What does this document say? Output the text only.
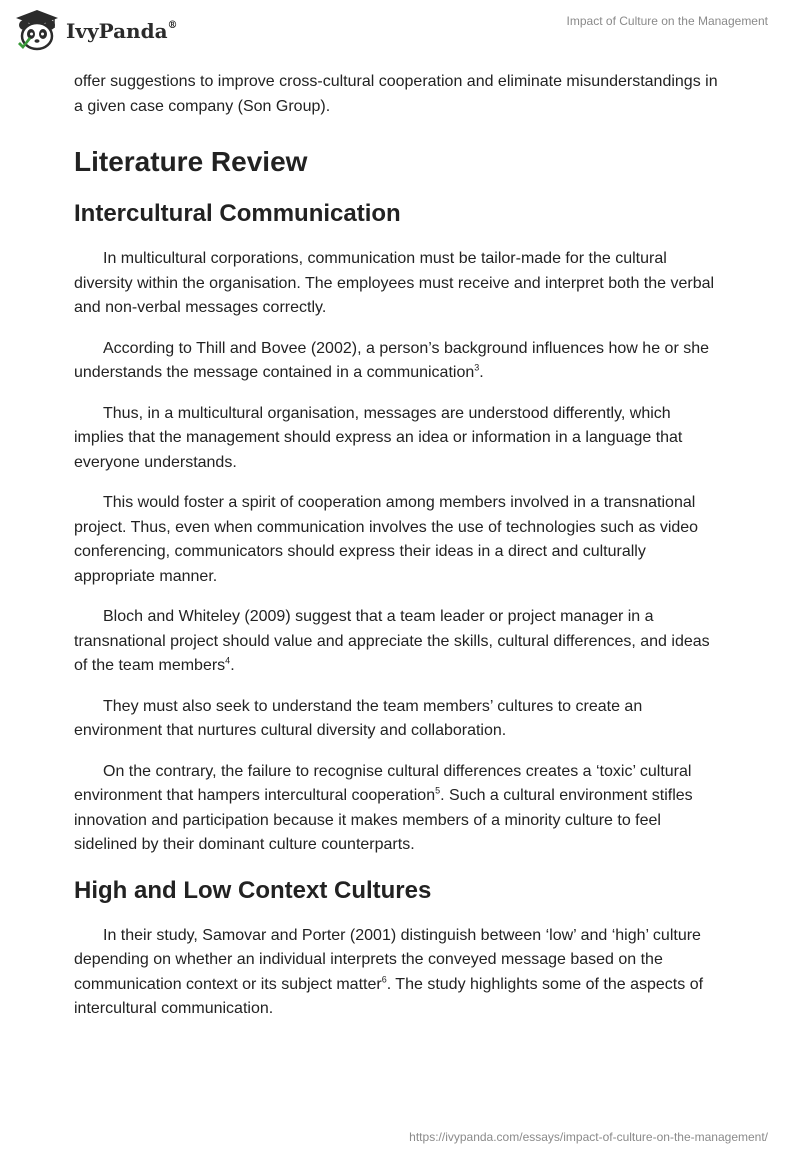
IvyPanda®	Impact of Culture on the Management

offer suggestions to improve cross-cultural cooperation and eliminate misunderstandings in a given case company (Son Group).

Literature Review
Intercultural Communication

In multicultural corporations, communication must be tailor-made for the cultural diversity within the organisation. The employees must receive and interpret both the verbal and non-verbal messages correctly.

According to Thill and Bovee (2002), a person’s background influences how he or she understands the message contained in a communication$^3$.

Thus, in a multicultural organisation, messages are understood differently, which implies that the management should express an idea or information in a language that everyone understands.

This would foster a spirit of cooperation among members involved in a transnational project. Thus, even when communication involves the use of technologies such as video conferencing, communicators should express their ideas in a direct and culturally appropriate manner.

Bloch and Whiteley (2009) suggest that a team leader or project manager in a transnational project should value and appreciate the skills, cultural differences, and ideas of the team members$^4$.

They must also seek to understand the team members’ cultures to create an environment that nurtures cultural diversity and collaboration.

On the contrary, the failure to recognise cultural differences creates a ‘toxic’ cultural environment that hampers intercultural cooperation$^5$. Such a cultural environment stifles innovation and participation because it makes members of a minority culture to feel sidelined by their dominant culture counterparts.

High and Low Context Cultures

In their study, Samovar and Porter (2001) distinguish between ‘low’ and ‘high’ culture depending on whether an individual interprets the conveyed message based on the communication context or its subject matter$^6$. The study highlights some of the aspects of intercultural communication.

https://ivypanda.com/essays/impact-of-culture-on-the-management/
